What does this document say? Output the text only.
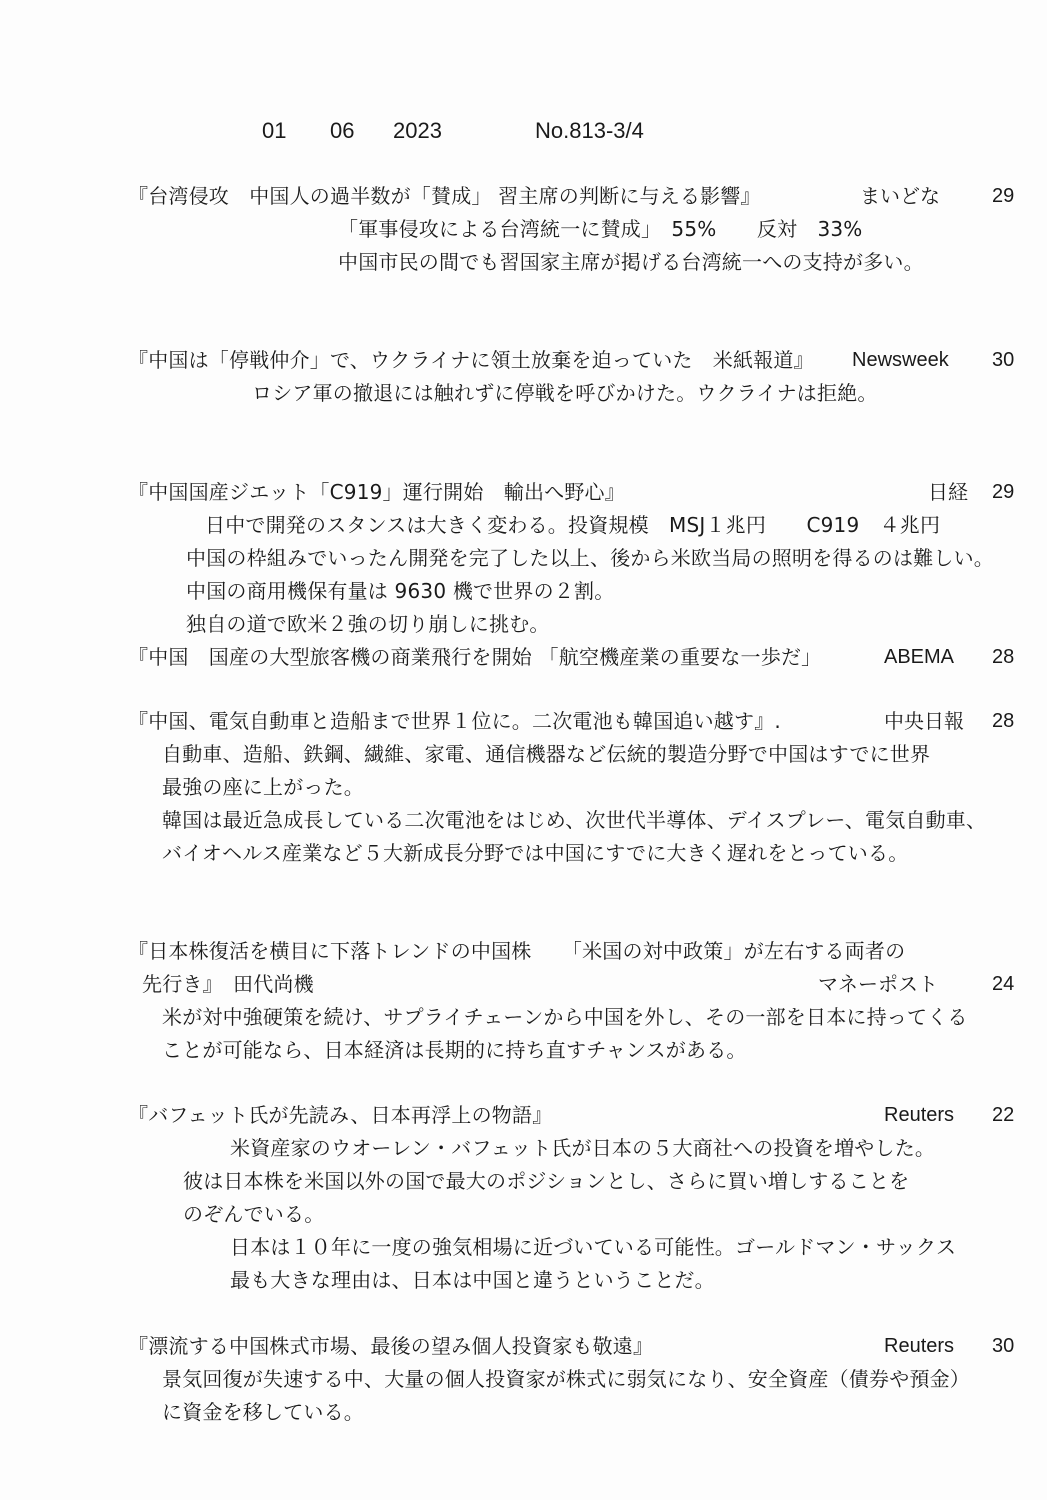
01 06 2023	No.813-3/4
『台湾侵攻　中国人の過半数が「賛成」 習主席の判断に与える影響』	まいどな	29
「軍事侵攻による台湾統一に賛成」　55%　　反対　33%
中国市民の間でも習国家主席が掲げる台湾統一への支持が多い。
『中国は「停戦仲介」で、ウクライナに領土放棄を迫っていた　米紙報道』 Newsweek 30
ロシア軍の撤退には触れずに停戦を呼びかけた。ウクライナは拒絶。
『中国国産ジエット「C919」運行開始　輸出へ野心』	日経 29
日中で開発のスタンスは大きく変わる。投資規模　MSJ１兆円　　C919　４兆円
中国の枠組みでいったん開発を完了した以上、後から米欧当局の照明を得るのは難しい。
中国の商用機保有量は 9630 機で世界の２割。
独自の道で欧米２強の切り崩しに挑む。
『中国　国産の大型旅客機の商業飛行を開始 「航空機産業の重要な一歩だ」	ABEMA 28
『中国、電気自動車と造船まで世界１位に。二次電池も韓国追い越す』.	中央日報 28
自動車、造船、鉄鋼、繊維、家電、通信機器など伝統的製造分野で中国はすでに世界
最強の座に上がった。
韓国は最近急成長している二次電池をはじめ、次世代半導体、デイスプレー、電気自動車、
バイオヘルス産業など５大新成長分野では中国にすでに大きく遅れをとっている。
『日本株復活を横目に下落トレンドの中国株　　「米国の対中政策」が左右する両者の
先行き』　田代尚機	マネーポスト	24
米が対中強硬策を続け、サプライチェーンから中国を外し、その一部を日本に持ってくる
ことが可能なら、日本経済は長期的に持ち直すチャンスがある。
『バフェット氏が先読み、日本再浮上の物語』	Reuters 22
米資産家のウオーレン・バフェット氏が日本の５大商社への投資を増やした。
彼は日本株を米国以外の国で最大のポジションとし、さらに買い増しすることを
のぞんでいる。
日本は１０年に一度の強気相場に近づいている可能性。ゴールドマン・サックス
最も大きな理由は、日本は中国と違うということだ。
『漂流する中国株式市場、最後の望み個人投資家も敬遠』	Reuters 30
景気回復が失速する中、大量の個人投資家が株式に弱気になり、安全資産（債券や預金）
に資金を移している。
